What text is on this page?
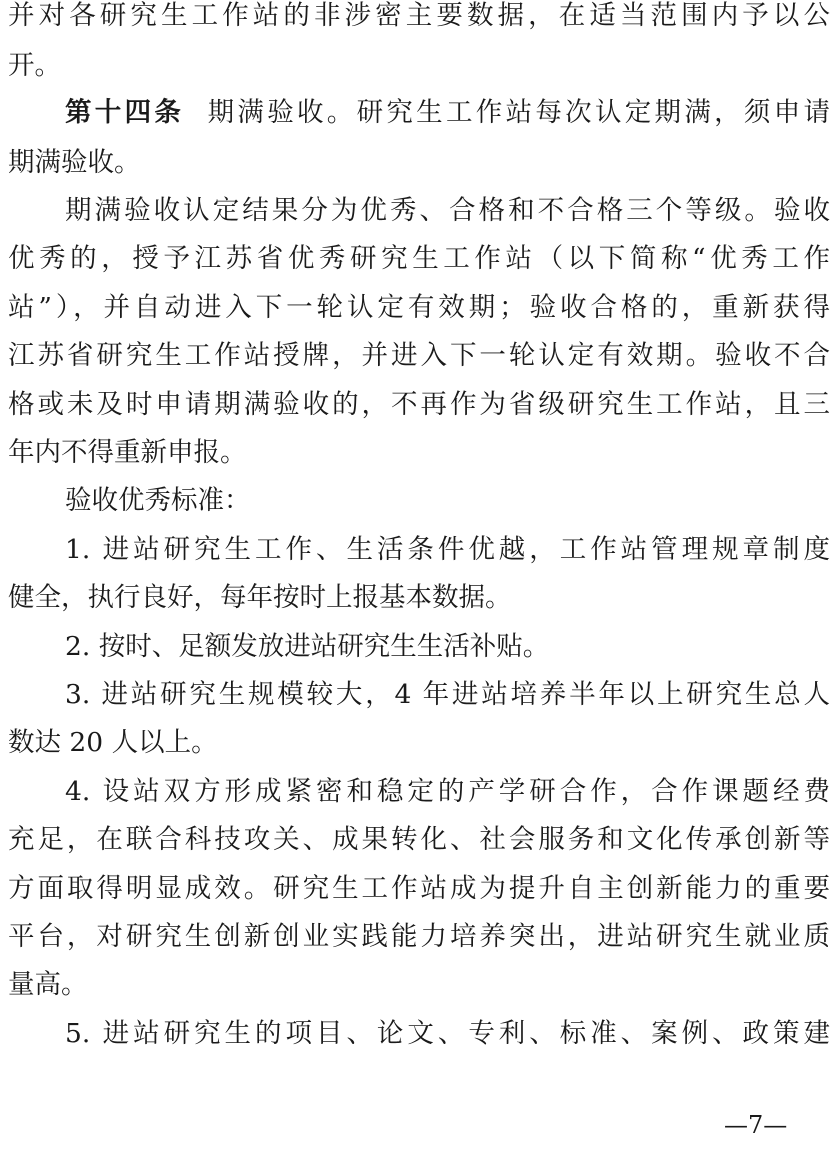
并对各研究生工作站的非涉密主要数据，在适当范围内予以公
开。
第十四条 期满验收。研究生工作站每次认定期满，须申请
期满验收。
期满验收认定结果分为优秀、合格和不合格三个等级。验收
优秀的，授予江苏省优秀研究生工作站（以下简称“优秀工作
站”），并自动进入下一轮认定有效期；验收合格的，重新获得
江苏省研究生工作站授牌，并进入下一轮认定有效期。验收不合
格或未及时申请期满验收的，不再作为省级研究生工作站，且三
年内不得重新申报。
验收优秀标准：
1. 进站研究生工作、生活条件优越，工作站管理规章制度
健全，执行良好，每年按时上报基本数据。
2. 按时、足额发放进站研究生生活补贴。
3. 进站研究生规模较大，4 年进站培养半年以上研究生总人
数达 20 人以上。
4. 设站双方形成紧密和稳定的产学研合作，合作课题经费
充足，在联合科技攻关、成果转化、社会服务和文化传承创新等
方面取得明显成效。研究生工作站成为提升自主创新能力的重要
平台，对研究生创新创业实践能力培养突出，进站研究生就业质
量高。
5. 进站研究生的项目、论文、专利、标准、案例、政策建
—7—
